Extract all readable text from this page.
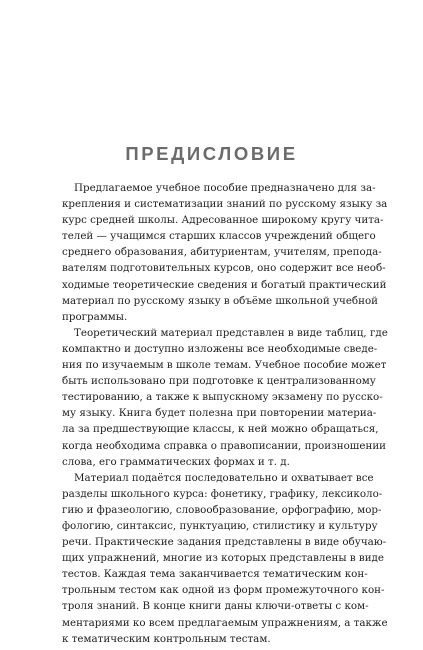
ПРЕДИСЛОВИЕ

Предлагаемое учебное пособие предназначено для за-
крепления и систематизации знаний по русскому языку за
курс средней школы. Адресованное широкому кругу чита-
телей — учащимся старших классов учреждений общего
среднего образования, абитуриентам, учителям, препода-
вателям подготовительных курсов, оно содержит все необ-
ходимые теоретические сведения и богатый практический
материал по русскому языку в объёме школьной учебной
программы.

Теоретический материал представлен в виде таблиц, где
компактно и доступно изложены все необходимые сведе-
ния по изучаемым в школе темам. Учебное пособие может
быть использовано при подготовке к централизованному
тестированию, а также к выпускному экзамену по русско-
му языку. Книга будет полезна при повторении материа-
ла за предшествующие классы, к ней можно обращаться,
когда необходима справка о правописании, произношении
слова, его грамматических формах и т. д.

Материал подаётся последовательно и охватывает все
разделы школьного курса: фонетику, графику, лексиколо-
гию и фразеологию, словообразование, орфографию, мор-
фологию, синтаксис, пунктуацию, стилистику и культуру
речи. Практические задания представлены в виде обучаю-
щих упражнений, многие из которых представлены в виде
тестов. Каждая тема заканчивается тематическим кон-
трольным тестом как одной из форм промежуточного кон-
троля знаний. В конце книги даны ключи-ответы с ком-
ментариями ко всем предлагаемым упражнениям, а также
к тематическим контрольным тестам.
